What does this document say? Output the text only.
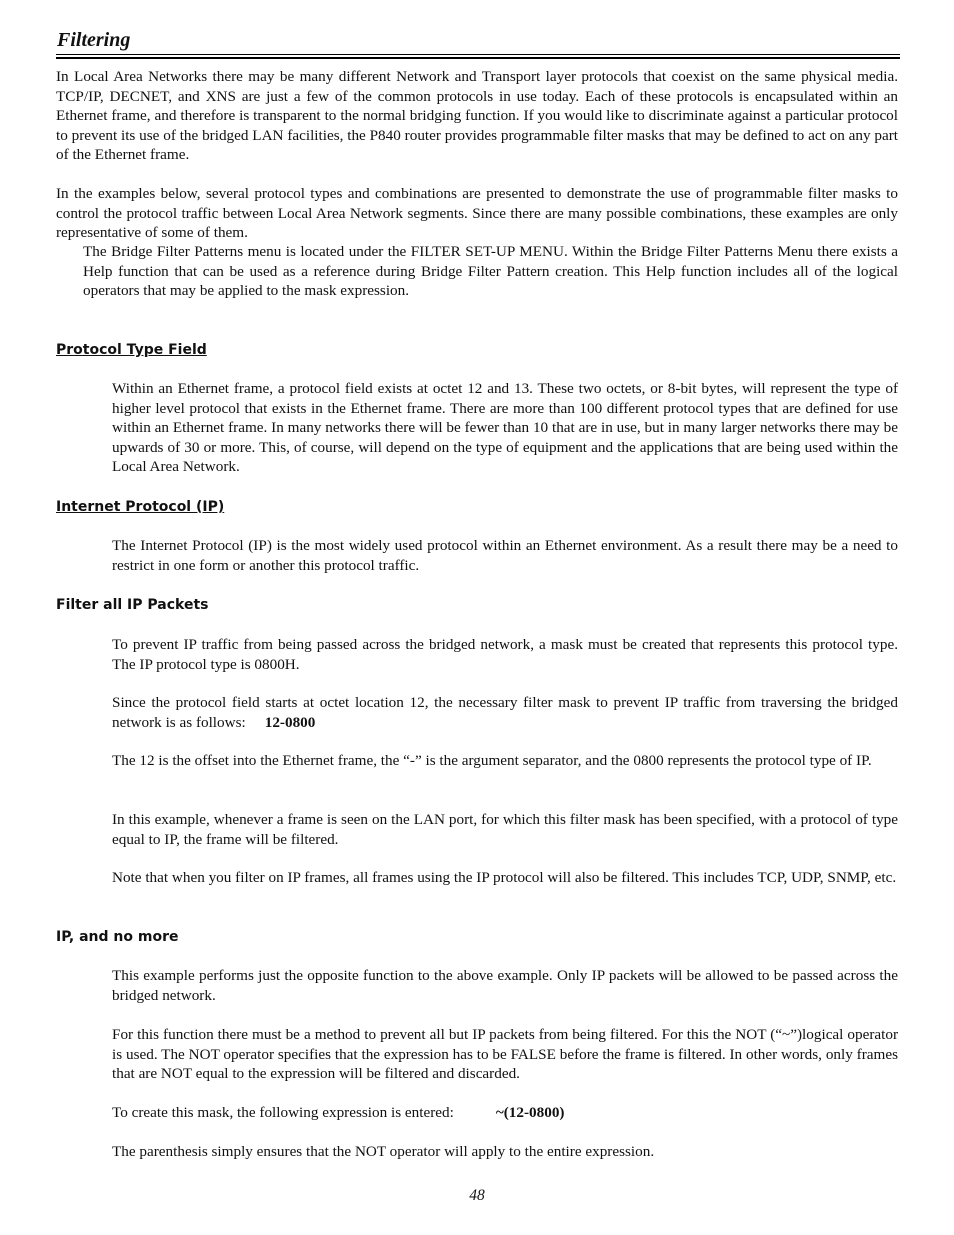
Filtering

In Local Area Networks there may be many different Network and Transport layer protocols that coexist on the same physical media. TCP/IP, DECNET, and XNS are just a few of the common protocols in use today. Each of these protocols is encapsulated within an Ethernet frame, and therefore is transparent to the normal bridging function. If you would like to discriminate against a particular protocol to prevent its use of the bridged LAN facilities, the P840 router provides programmable filter masks that may be defined to act on any part of the Ethernet frame.

In the examples below, several protocol types and combinations are presented to demonstrate the use of programmable filter masks to control the protocol traffic between Local Area Network segments. Since there are many possible combinations, these examples are only representative of some of them.

The Bridge Filter Patterns menu is located under the FILTER SET-UP MENU. Within the Bridge Filter Patterns Menu there exists a Help function that can be used as a reference during Bridge Filter Pattern creation. This Help function includes all of the logical operators that may be applied to the mask expression.

Protocol Type Field

Within an Ethernet frame, a protocol field exists at octet 12 and 13. These two octets, or 8-bit bytes, will represent the type of higher level protocol that exists in the Ethernet frame. There are more than 100 different protocol types that are defined for use within an Ethernet frame. In many networks there will be fewer than 10 that are in use, but in many larger networks there may be upwards of 30 or more. This, of course, will depend on the type of equipment and the applications that are being used within the Local Area Network.

Internet Protocol (IP)

The Internet Protocol (IP) is the most widely used protocol within an Ethernet environment. As a result there may be a need to restrict in one form or another this protocol traffic.

Filter all IP Packets

To prevent IP traffic from being passed across the bridged network, a mask must be created that represents this protocol type. The IP protocol type is 0800H.

Since the protocol field starts at octet location 12, the necessary filter mask to prevent IP traffic from traversing the bridged network is as follows: 12-0800

The 12 is the offset into the Ethernet frame, the “-” is the argument separator, and the 0800 represents the protocol type of IP.

In this example, whenever a frame is seen on the LAN port, for which this filter mask has been specified, with a protocol of type equal to IP, the frame will be filtered.

Note that when you filter on IP frames, all frames using the IP protocol will also be filtered. This includes TCP, UDP, SNMP, etc.

IP, and no more

This example performs just the opposite function to the above example. Only IP packets will be allowed to be passed across the bridged network.

For this function there must be a method to prevent all but IP packets from being filtered. For this the NOT (“~”)logical operator is used. The NOT operator specifies that the expression has to be FALSE before the frame is filtered. In other words, only frames that are NOT equal to the expression will be filtered and discarded.

To create this mask, the following expression is entered:	~(12-0800)

The parenthesis simply ensures that the NOT operator will apply to the entire expression.

48
